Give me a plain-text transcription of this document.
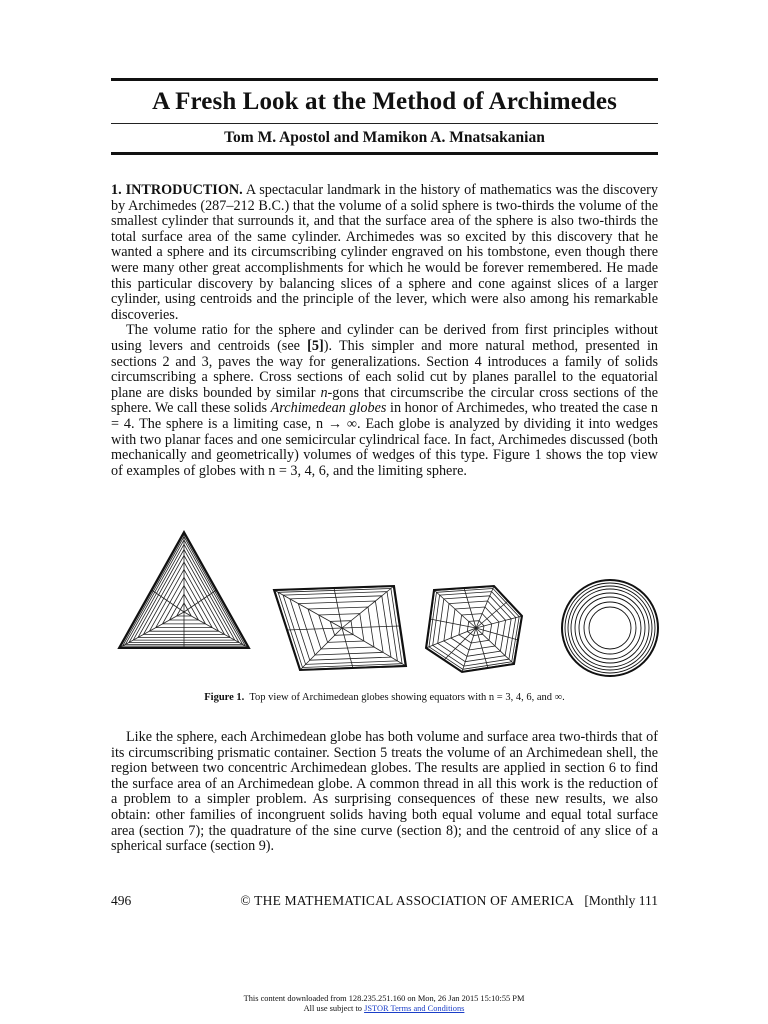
A Fresh Look at the Method of Archimedes
Tom M. Apostol and Mamikon A. Mnatsakanian

1. INTRODUCTION. A spectacular landmark in the history of mathematics was the discovery by Archimedes (287–212 B.C.) that the volume of a solid sphere is two-thirds the volume of the smallest cylinder that surrounds it, and that the surface area of the sphere is also two-thirds the total surface area of the same cylinder. Archimedes was so excited by this discovery that he wanted a sphere and its circumscribing cylinder engraved on his tombstone, even though there were many other great accomplishments for which he would be forever remembered. He made this particular discovery by balancing slices of a sphere and cone against slices of a larger cylinder, using centroids and the principle of the lever, which were also among his remarkable discoveries.

The volume ratio for the sphere and cylinder can be derived from first principles without using levers and centroids (see [5]). This simpler and more natural method, presented in sections 2 and 3, paves the way for generalizations. Section 4 introduces a family of solids circumscribing a sphere. Cross sections of each solid cut by planes parallel to the equatorial plane are disks bounded by similar n-gons that circumscribe the circular cross sections of the sphere. We call these solids Archimedean globes in honor of Archimedes, who treated the case n = 4. The sphere is a limiting case, n → ∞. Each globe is analyzed by dividing it into wedges with two planar faces and one semicircular cylindrical face. In fact, Archimedes discussed (both mechanically and geometrically) volumes of wedges of this type. Figure 1 shows the top view of examples of globes with n = 3, 4, 6, and the limiting sphere.

Figure 1. Top view of Archimedean globes showing equators with n = 3, 4, 6, and ∞.

Like the sphere, each Archimedean globe has both volume and surface area two-thirds that of its circumscribing prismatic container. Section 5 treats the volume of an Archimedean shell, the region between two concentric Archimedean globes. The results are applied in section 6 to find the surface area of an Archimedean globe. A common thread in all this work is the reduction of a problem to a simpler problem. As surprising consequences of these new results, we also obtain: other families of incongruent solids having both equal volume and equal total surface area (section 7); the quadrature of the sine curve (section 8); and the centroid of any slice of a spherical surface (section 9).

496	© THE MATHEMATICAL ASSOCIATION OF AMERICA [Monthly 111
This content downloaded from 128.235.251.160 on Mon, 26 Jan 2015 15:10:55 PM
All use subject to JSTOR Terms and Conditions
